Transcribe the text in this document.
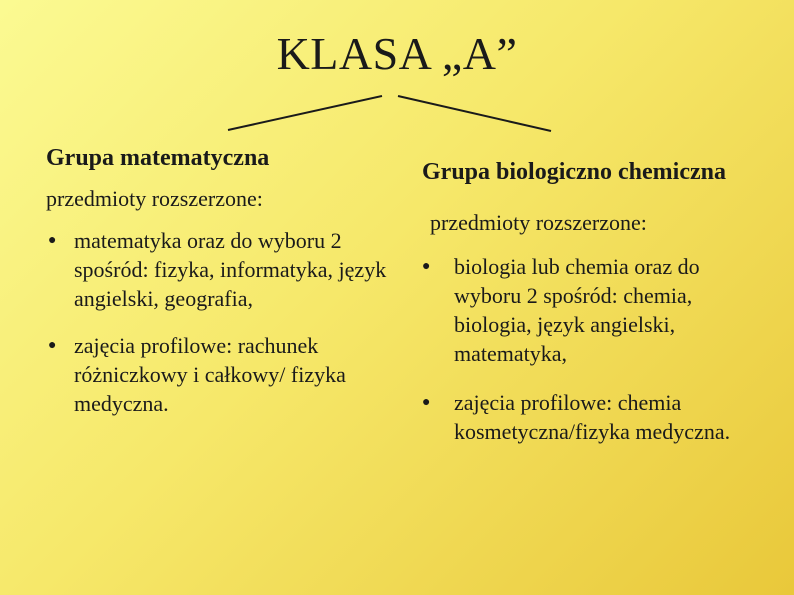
KLASA „A”
Grupa matematyczna
przedmioty rozszerzone:
● matematyka oraz do wyboru 2 spośród: fizyka, informatyka, język angielski, geografia,
● zajęcia profilowe: rachunek różniczkowy i całkowy/ fizyka medyczna.
Grupa biologiczno chemiczna
przedmioty rozszerzone:
● biologia lub chemia oraz do wyboru 2 spośród: chemia, biologia, język angielski, matematyka,
● zajęcia profilowe: chemia kosmetyczna/fizyka medyczna.
